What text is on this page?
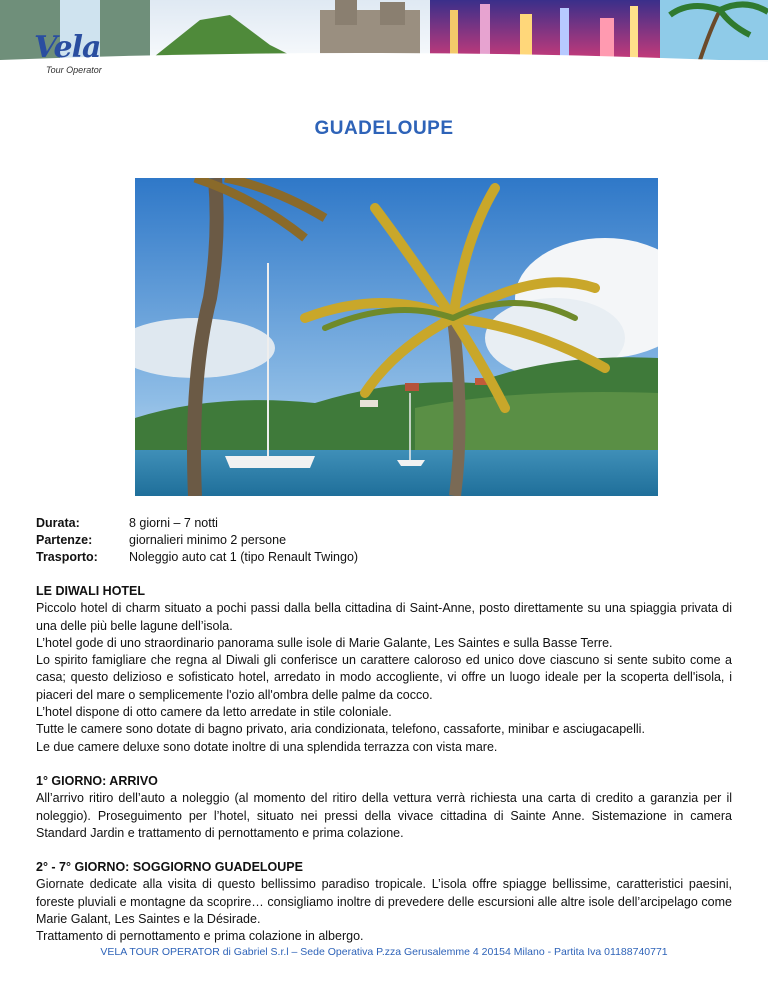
Vela
Tour Operator
GUADELOUPE
Durata:	8 giorni – 7 notti
Partenze:	giornalieri minimo 2 persone
Trasporto:	Noleggio auto cat 1 (tipo Renault Twingo)

LE DIWALI HOTEL

Piccolo hotel di charm situato a pochi passi dalla bella cittadina di Saint-Anne, posto direttamente su una spiaggia privata di una delle più belle lagune dell’isola.

L’hotel gode di uno straordinario panorama sulle isole di Marie Galante, Les Saintes e sulla Basse Terre.

Lo spirito famigliare che regna al Diwali gli conferisce un carattere caloroso ed unico dove ciascuno si sente subito come a casa; questo delizioso e sofisticato hotel, arredato in modo accogliente, vi offre un luogo ideale per la scoperta dell'isola, i piaceri del mare o semplicemente l'ozio all'ombra delle palme da cocco.

L’hotel dispone di otto camere da letto arredate in stile coloniale.

Tutte le camere sono dotate di bagno privato, aria condizionata, telefono, cassaforte, minibar e asciugacapelli.

Le due camere deluxe sono dotate inoltre di una splendida terrazza con vista mare.

1° GIORNO: ARRIVO

All’arrivo ritiro dell’auto a noleggio (al momento del ritiro della vettura verrà richiesta una carta di credito a garanzia per il noleggio). Proseguimento per l’hotel, situato nei pressi della vivace cittadina di Sainte Anne. Sistemazione in camera Standard Jardin e trattamento di pernottamento e prima colazione.

2° - 7° GIORNO: SOGGIORNO GUADELOUPE

Giornate dedicate alla visita di questo bellissimo paradiso tropicale. L’isola offre spiagge bellissime, caratteristici paesini, foreste pluviali e montagne da scoprire… consigliamo inoltre di prevedere delle escursioni alle altre isole dell’arcipelago come Marie Galant, Les Saintes e la Désirade.

Trattamento di pernottamento e prima colazione in albergo.

VELA TOUR OPERATOR di Gabriel S.r.l – Sede Operativa P.zza Gerusalemme 4 20154 Milano - Partita Iva 01188740771
